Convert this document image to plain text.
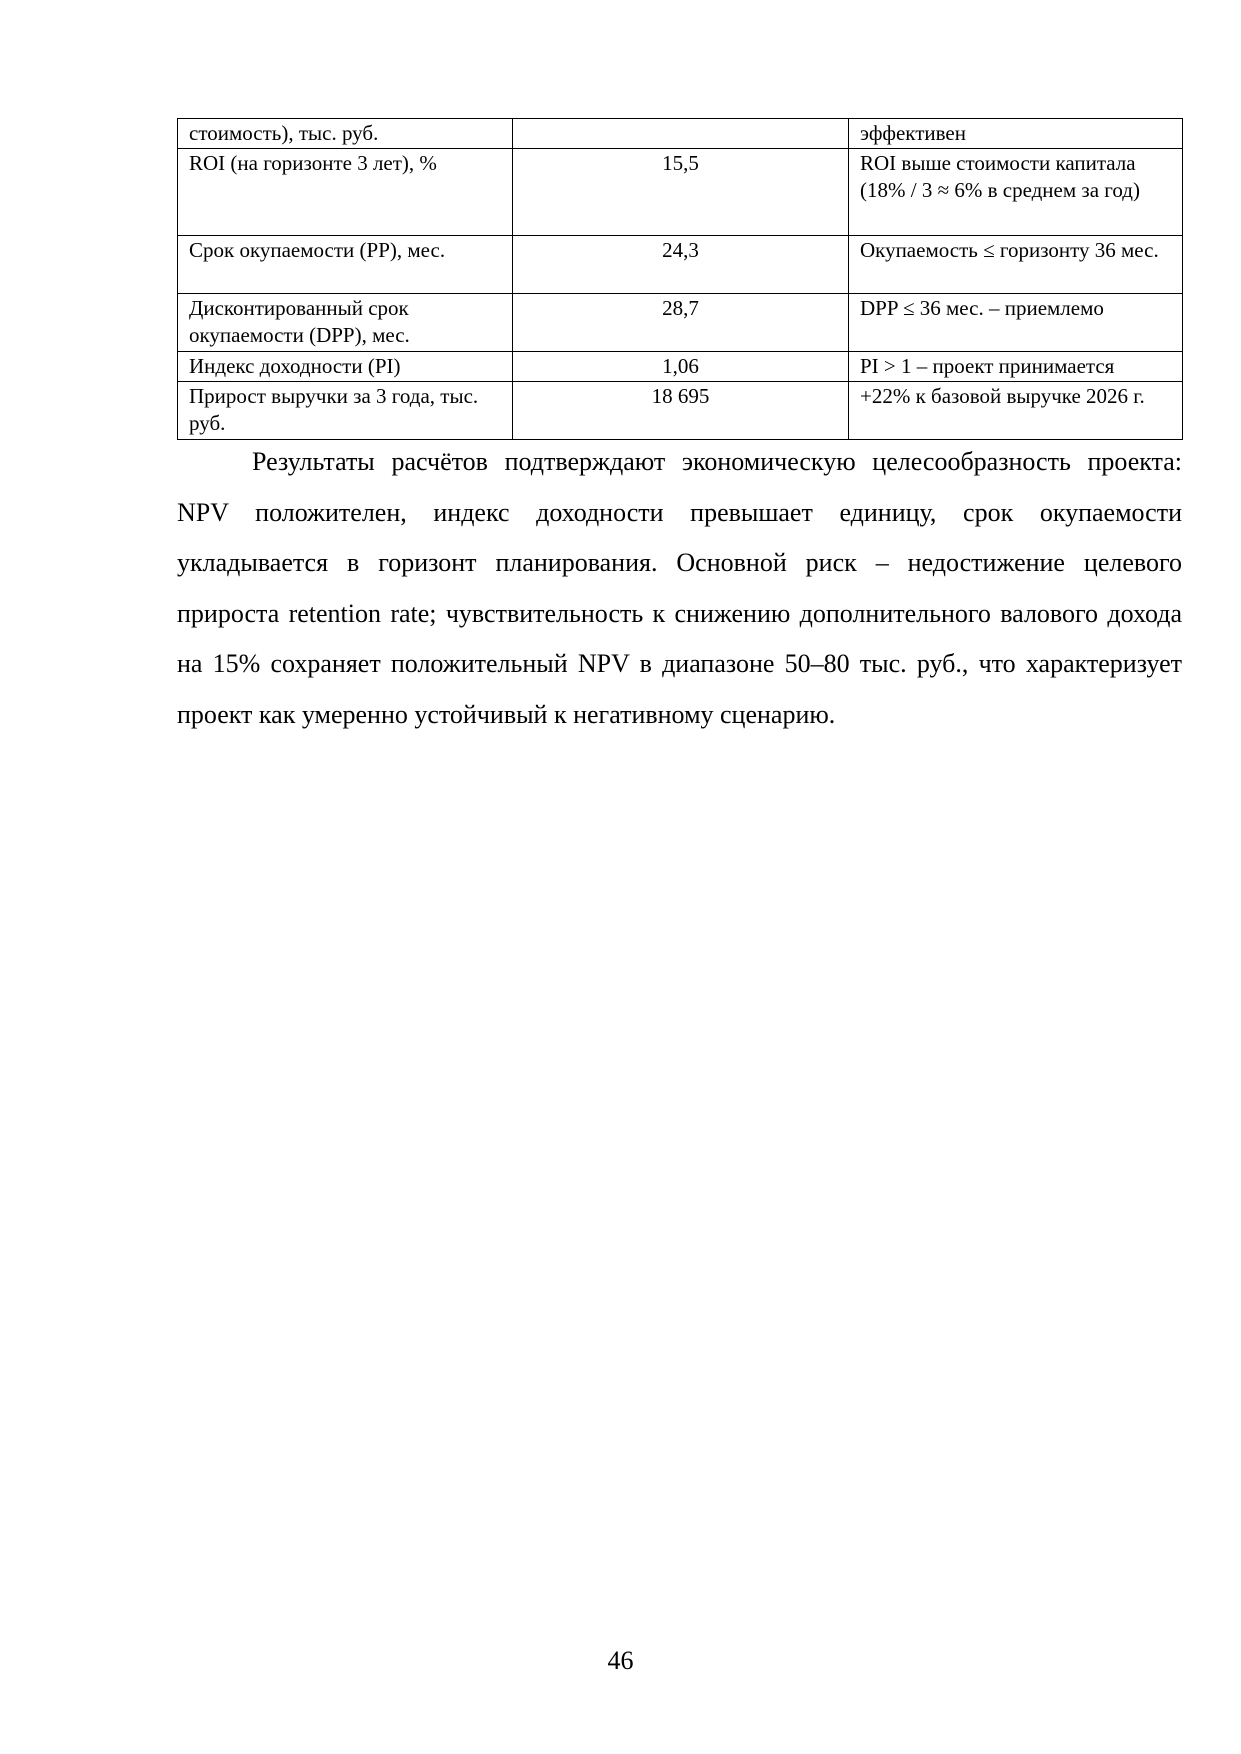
стоимость), тыс. руб.		эффективен
ROI (на горизонте 3 лет), %	15,5	ROI выше стоимости капитала (18% / 3 ≈ 6% в среднем за год)
Срок окупаемости (PP), мес.	24,3	Окупаемость ≤ горизонту 36 мес.
Дисконтированный срок окупаемости (DPP), мес.	28,7	DPP ≤ 36 мес. – приемлемо
Индекс доходности (PI)	1,06	PI > 1 – проект принимается
Прирост выручки за 3 года, тыс. руб.	18 695	+22% к базовой выручке 2026 г.

Результаты расчётов подтверждают экономическую целесообразность проекта: NPV положителен, индекс доходности превышает единицу, срок окупаемости укладывается в горизонт планирования. Основной риск – недостижение целевого прироста retention rate; чувствительность к снижению дополнительного валового дохода на 15% сохраняет положительный NPV в диапазоне 50–80 тыс. руб., что характеризует проект как умеренно устойчивый к негативному сценарию.

46
